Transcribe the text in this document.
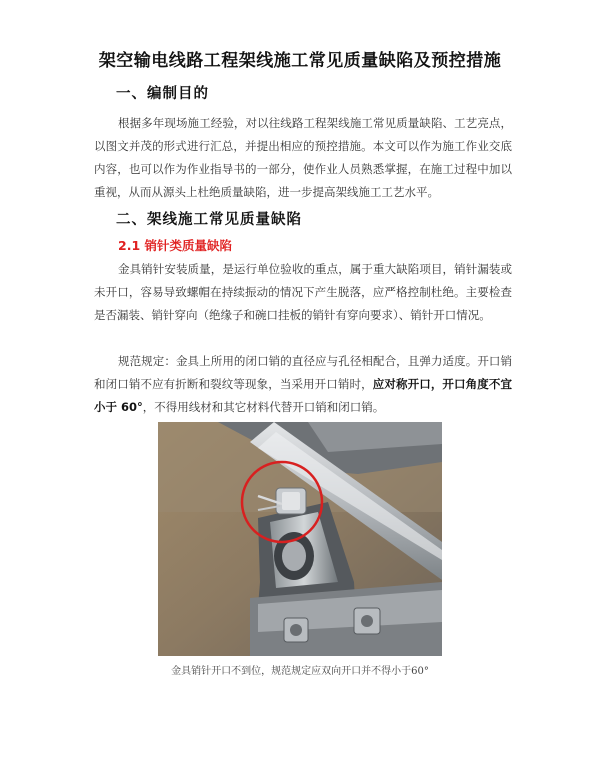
架空输电线路工程架线施工常见质量缺陷及预控措施
一、编制目的

根据多年现场施工经验，对以往线路工程架线施工常见质量缺陷、工艺亮点，以图文并茂的形式进行汇总，并提出相应的预控措施。本文可以作为施工作业交底内容，也可以作为作业指导书的一部分，使作业人员熟悉掌握，在施工过程中加以重视，从而从源头上杜绝质量缺陷，进一步提高架线施工工艺水平。

二、架线施工常见质量缺陷
2.1 销针类质量缺陷

金具销针安装质量，是运行单位验收的重点，属于重大缺陷项目，销针漏装或未开口，容易导致螺帽在持续振动的情况下产生脱落，应严格控制杜绝。主要检查是否漏装、销针穿向（绝缘子和碗口挂板的销针有穿向要求）、销针开口情况。

规范规定：金具上所用的闭口销的直径应与孔径相配合，且弹力适度。开口销和闭口销不应有折断和裂纹等现象，当采用开口销时，应对称开口，开口角度不宜小于 60°，不得用线材和其它材料代替开口销和闭口销。

金具销针开口不到位，规范规定应双向开口并不得小于60°
